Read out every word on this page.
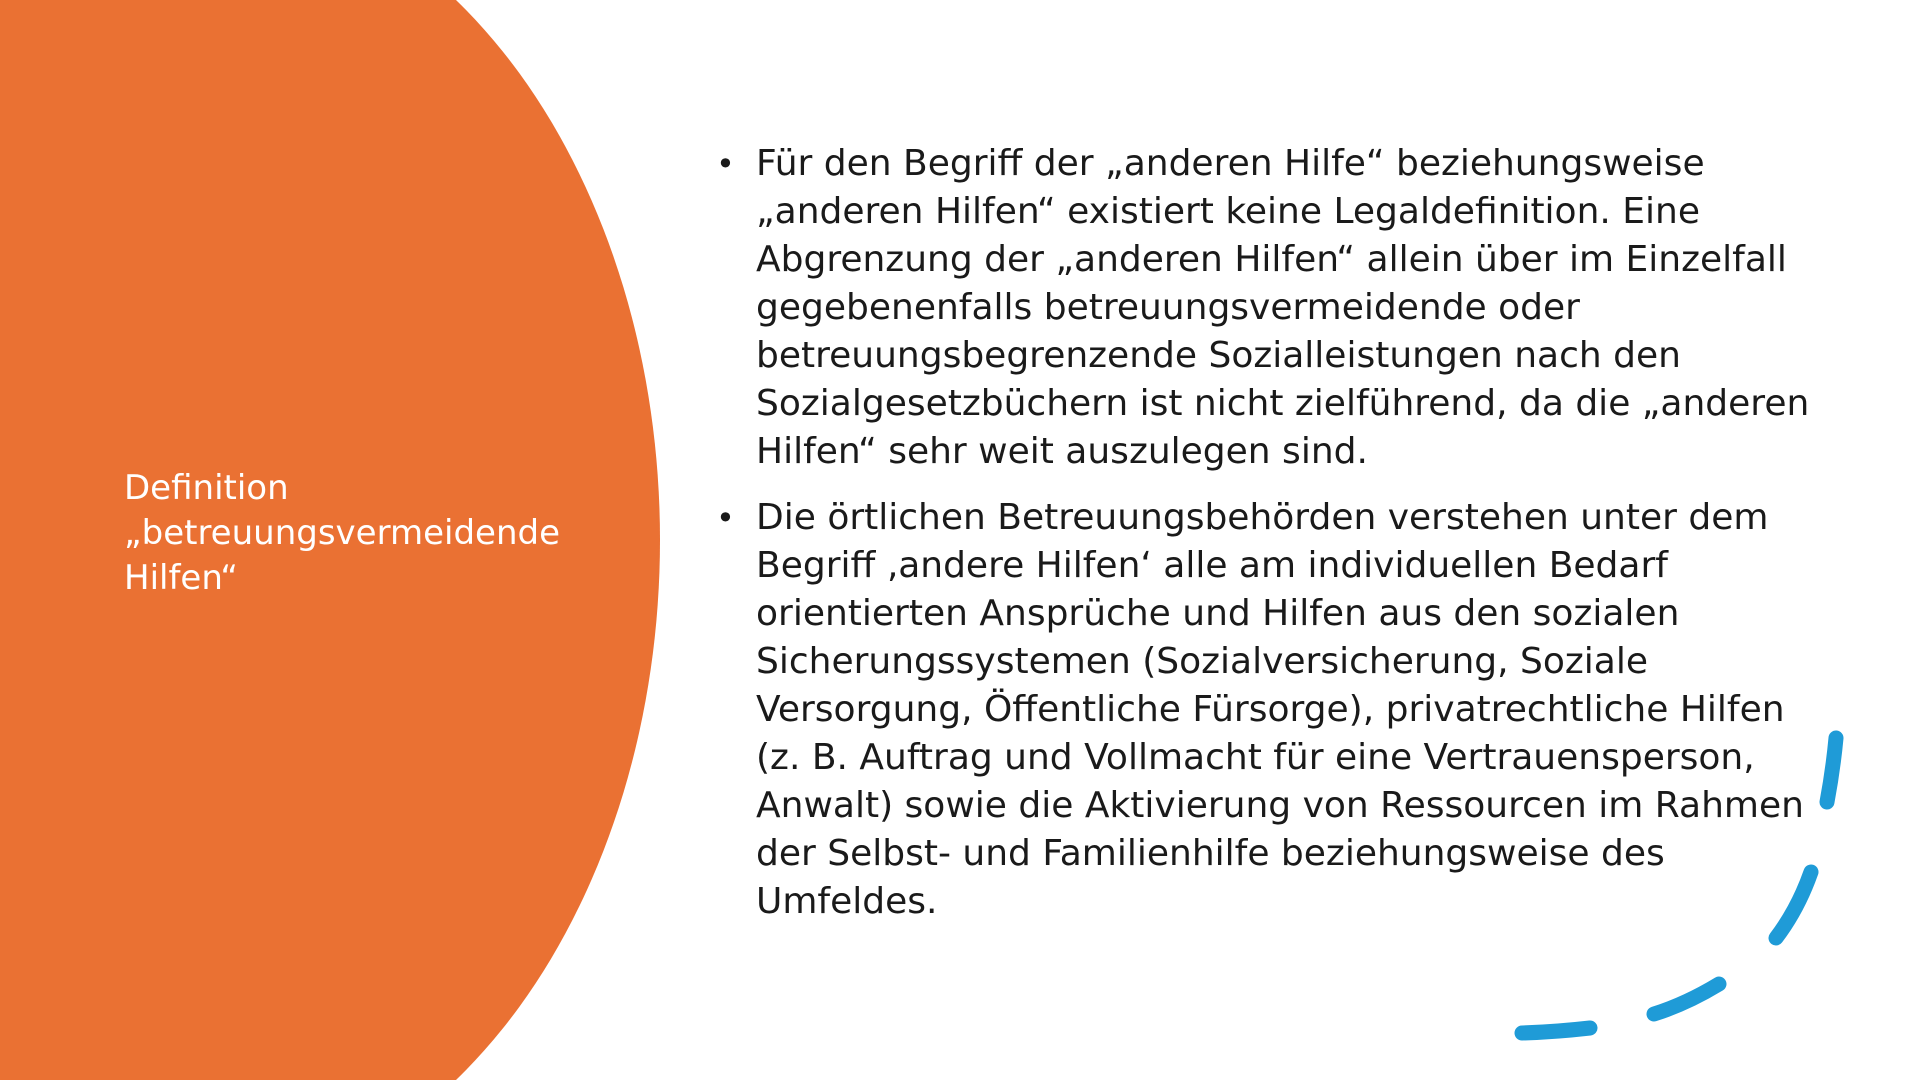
Definition „betreuungsvermeidende Hilfen“
• Für den Begriff der „anderen Hilfe“ beziehungsweise „anderen Hilfen“ existiert keine Legaldefinition. Eine Abgrenzung der „anderen Hilfen“ allein über im Einzelfall gegebenenfalls betreuungsvermeidende oder betreuungsbegrenzende Sozialleistungen nach den Sozialgesetzbüchern ist nicht zielführend, da die „anderen Hilfen“ sehr weit auszulegen sind.
• Die örtlichen Betreuungsbehörden verstehen unter dem Begriff ‚andere Hilfen‘ alle am individuellen Bedarf orientierten Ansprüche und Hilfen aus den sozialen Sicherungssystemen (Sozialversicherung, Soziale Versorgung, Öffentliche Fürsorge), privatrechtliche Hilfen (z. B. Auftrag und Vollmacht für eine Vertrauensperson, Anwalt) sowie die Aktivierung von Ressourcen im Rahmen der Selbst- und Familienhilfe beziehungsweise des Umfeldes.
